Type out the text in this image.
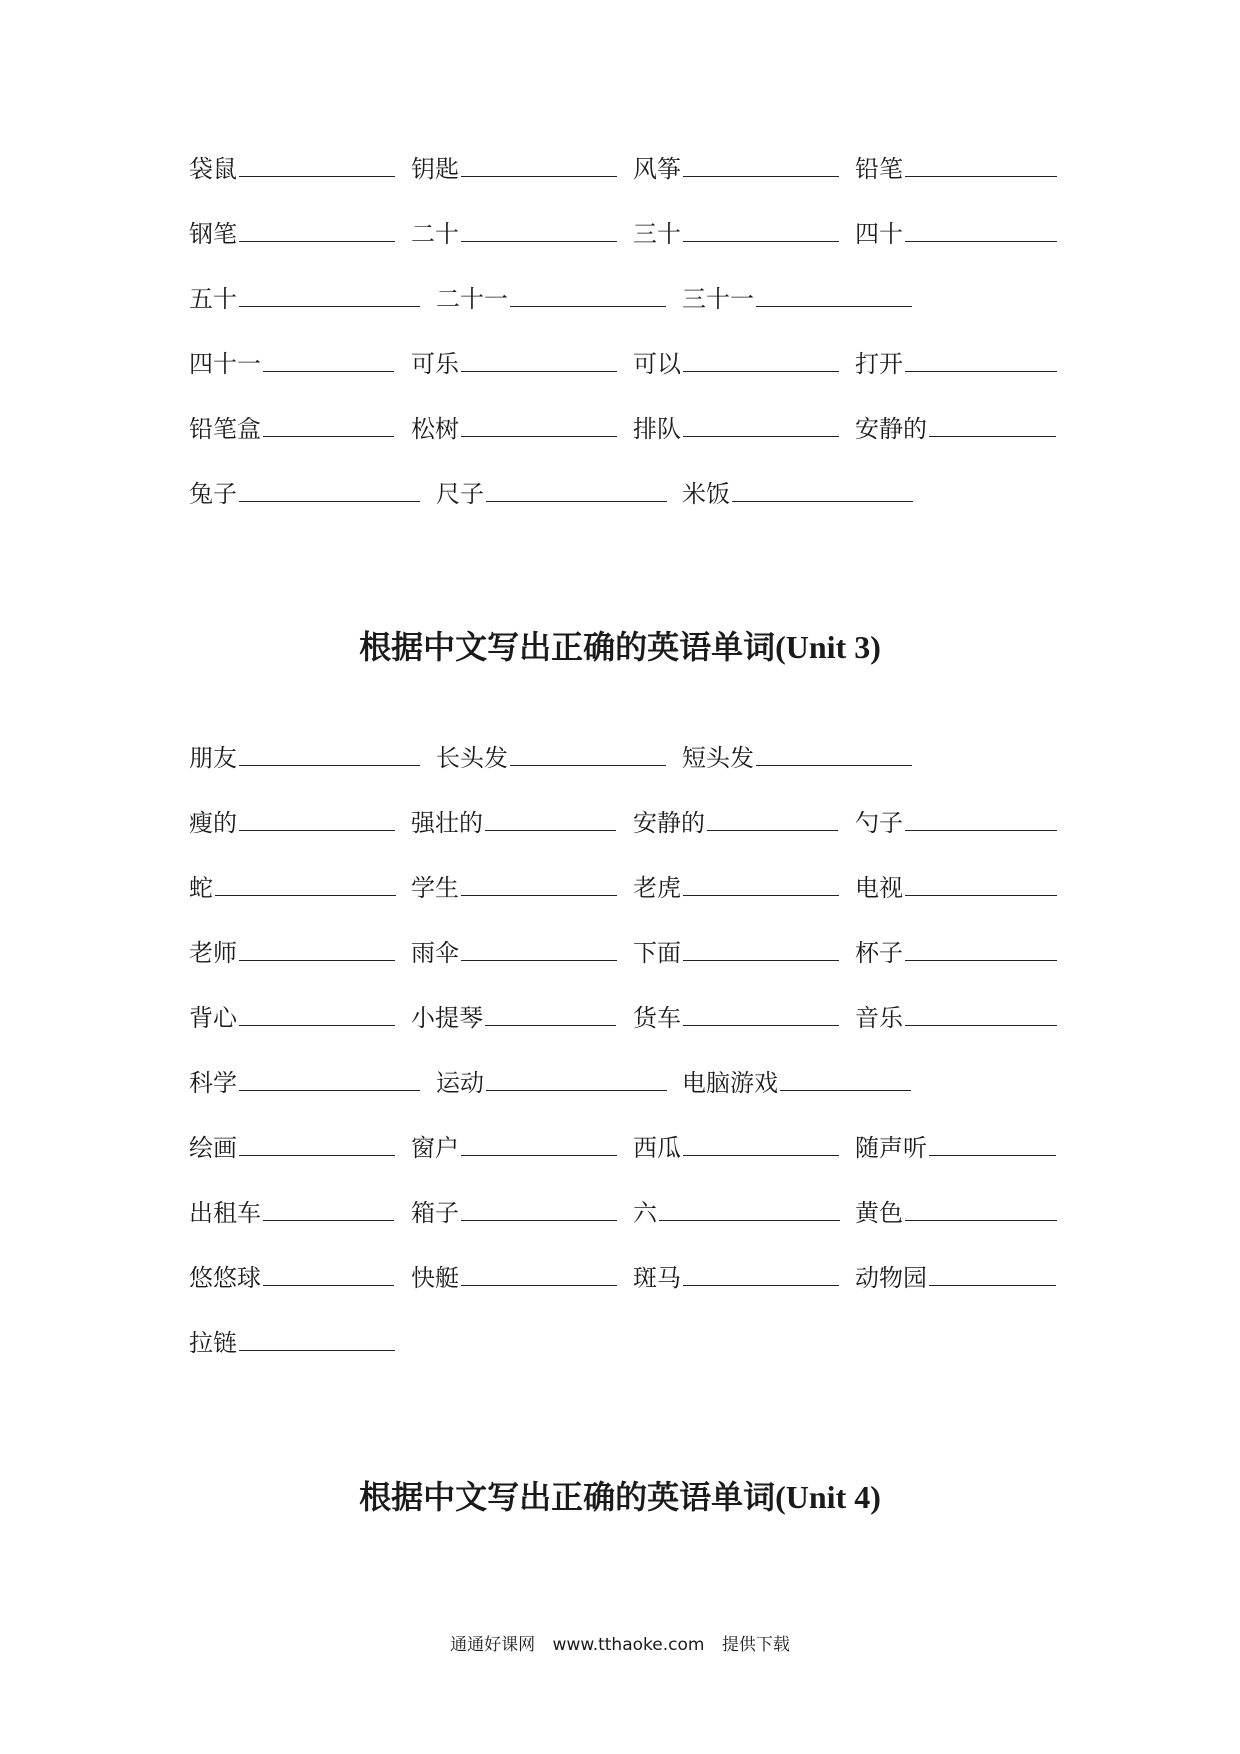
袋鼠	钥匙	风筝	铅笔
钢笔	二十	三十	四十
五十	二十一	三十一
四十一	可乐	可以	打开
铅笔盒	松树	排队	安静的
兔子	尺子	米饭
根据中文写出正确的英语单词(Unit 3)
朋友	长头发	短头发
瘦的	强壮的	安静的	勺子
蛇	学生	老虎	电视
老师	雨伞	下面	杯子
背心	小提琴	货车	音乐
科学	运动	电脑游戏
绘画	窗户	西瓜	随声听
出租车	箱子	六	黄色
悠悠球	快艇	斑马	动物园
拉链
根据中文写出正确的英语单词(Unit 4)
通通好课网 www.tthaoke.com 提供下载
